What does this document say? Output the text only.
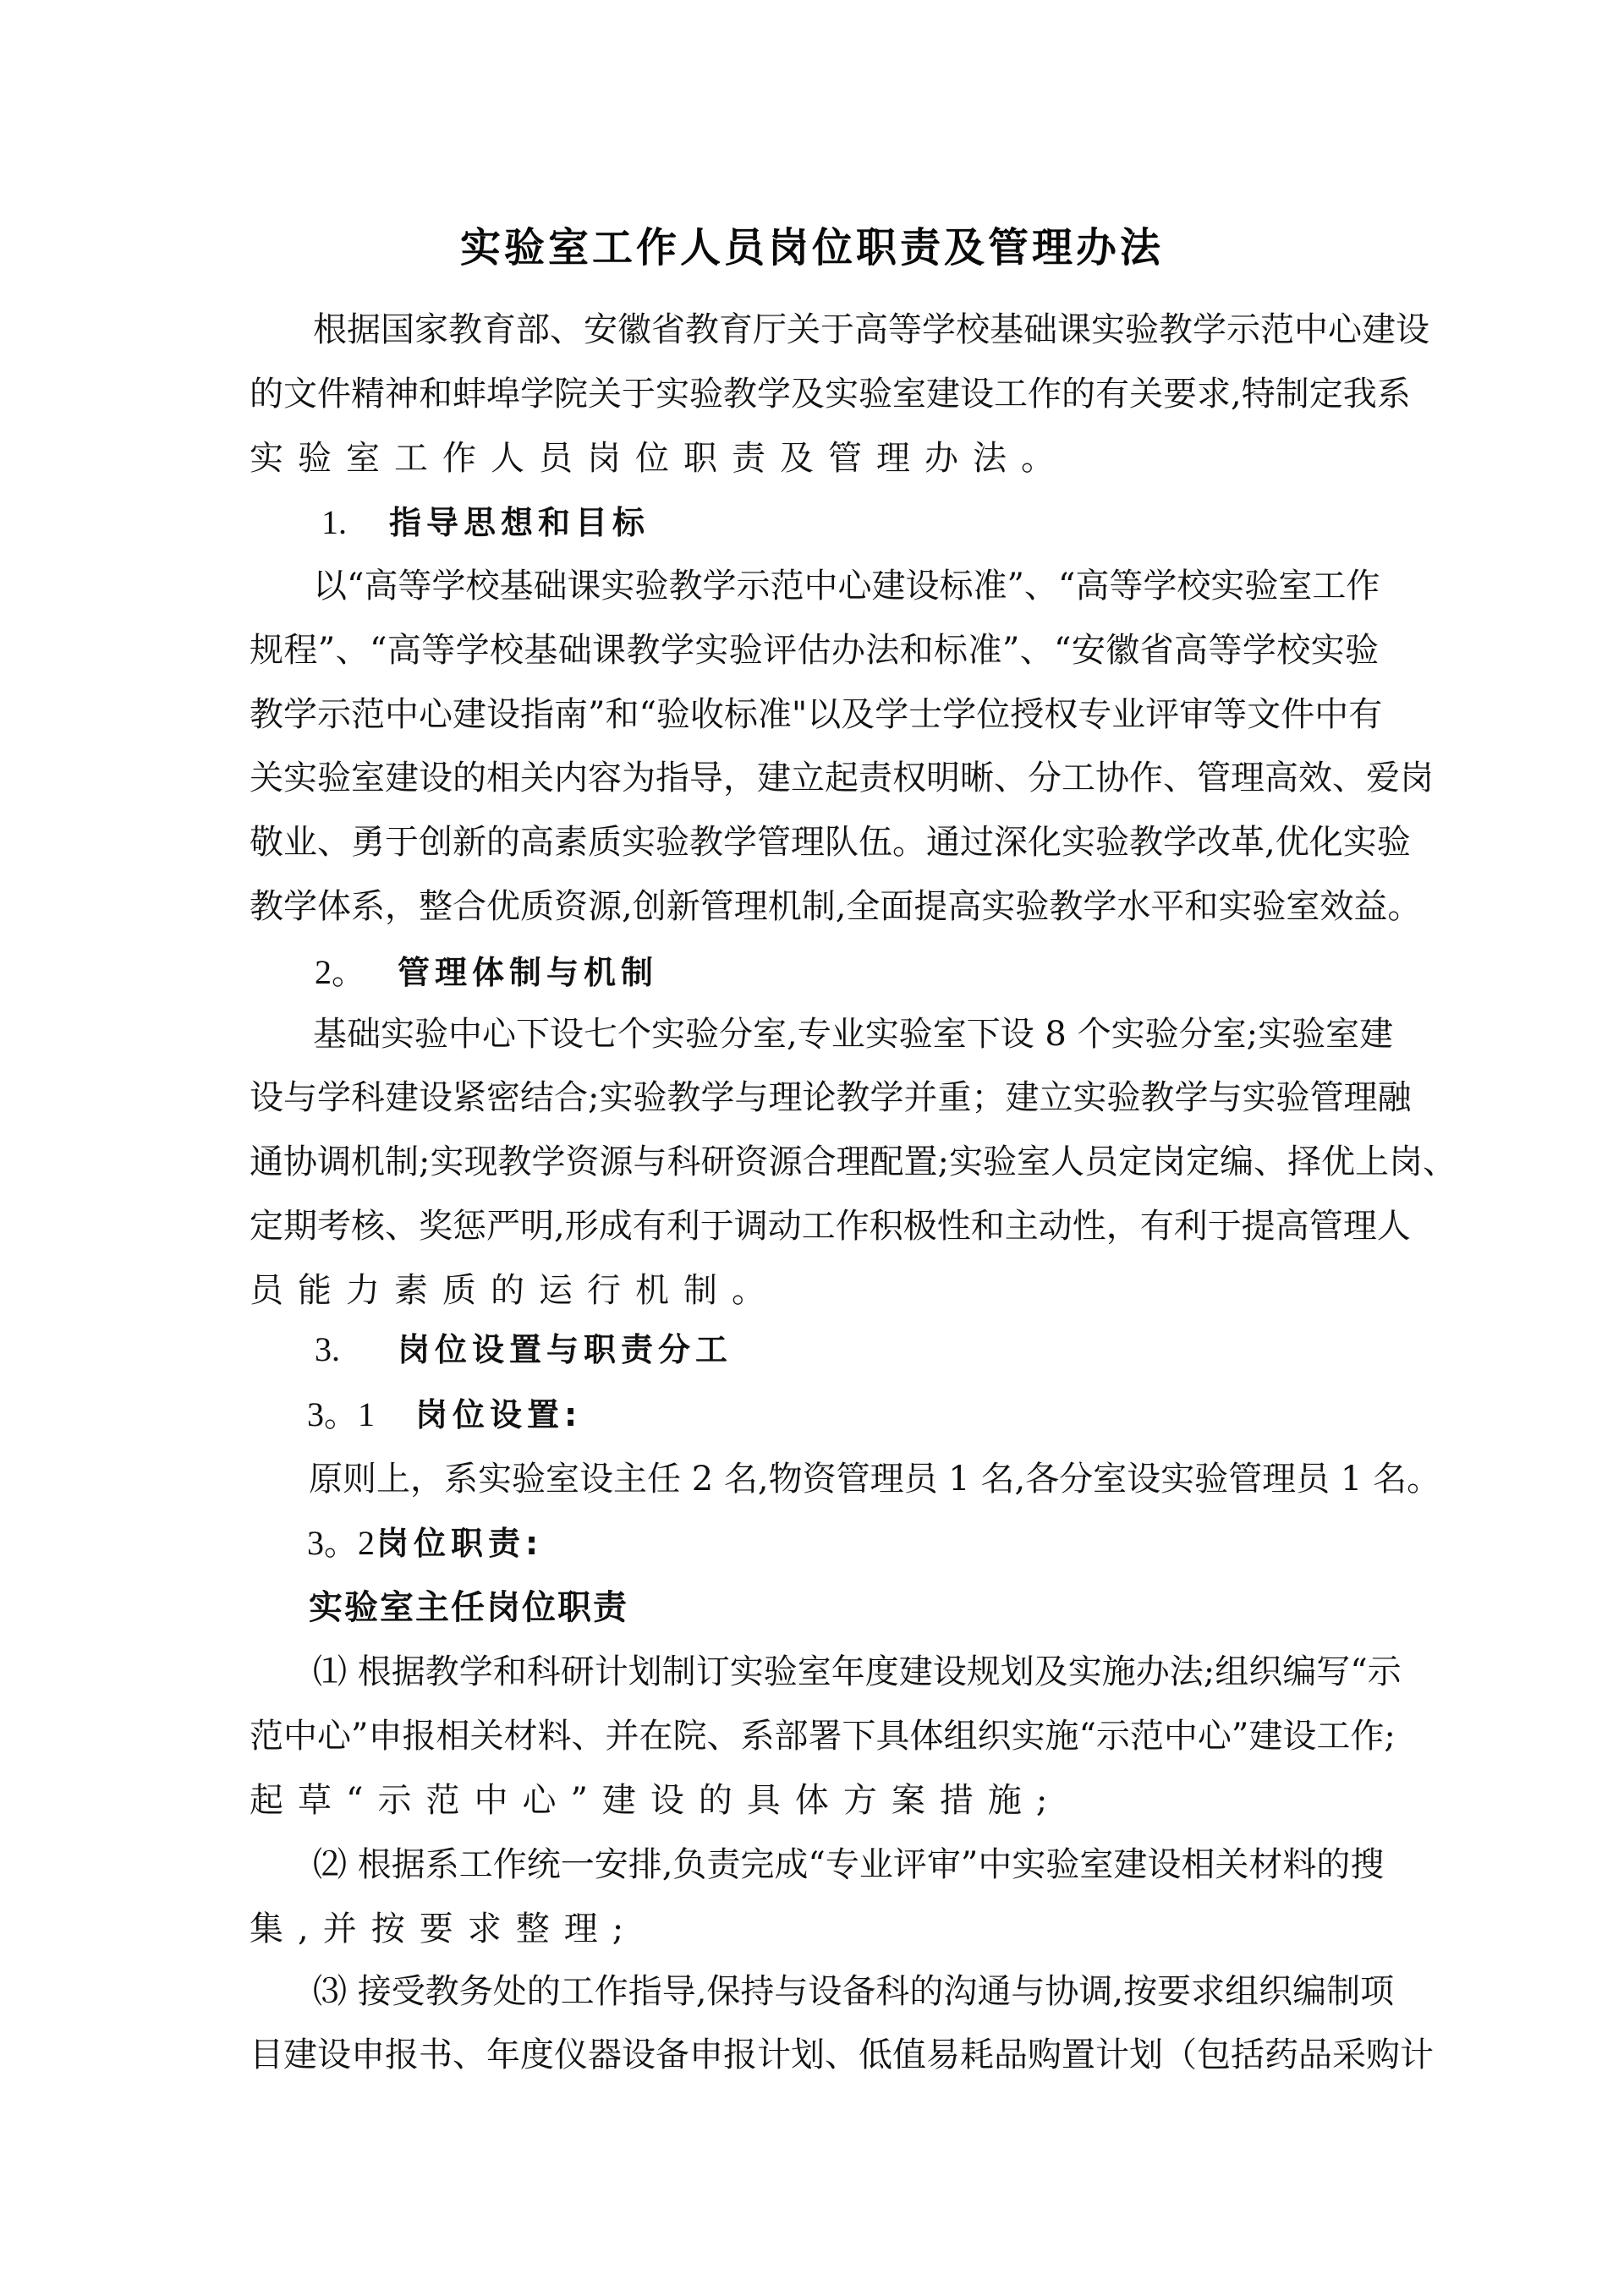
实验室工作人员岗位职责及管理办法
根据国家教育部、安徽省教育厅关于高等学校基础课实验教学示范中心建设
的文件精神和蚌埠学院关于实验教学及实验室建设工作的有关要求,特制定我系
实验室工作人员岗位职责及管理办法。
1. 指导思想和目标
以“高等学校基础课实验教学示范中心建设标准”、“高等学校实验室工作
规程”、“高等学校基础课教学实验评估办法和标准”、“安徽省高等学校实验
教学示范中心建设指南”和“验收标准"以及学士学位授权专业评审等文件中有
关实验室建设的相关内容为指导，建立起责权明晰、分工协作、管理高效、爱岗
敬业、勇于创新的高素质实验教学管理队伍。通过深化实验教学改革,优化实验
教学体系，整合优质资源,创新管理机制,全面提高实验教学水平和实验室效益。
2。 管理体制与机制
基础实验中心下设七个实验分室,专业实验室下设 8 个实验分室;实验室建
设与学科建设紧密结合;实验教学与理论教学并重；建立实验教学与实验管理融
通协调机制;实现教学资源与科研资源合理配置;实验室人员定岗定编、择优上岗、
定期考核、奖惩严明,形成有利于调动工作积极性和主动性，有利于提高管理人
员能力素质的运行机制。
3. 岗位设置与职责分工
3。1 岗位设置:
原则上，系实验室设主任 2 名,物资管理员 1 名,各分室设实验管理员 1 名。
3。2岗位职责:
实验室主任岗位职责
⑴ 根据教学和科研计划制订实验室年度建设规划及实施办法;组织编写“示
范中心”申报相关材料、并在院、系部署下具体组织实施“示范中心”建设工作;
起草“示范中心”建设的具体方案措施;
⑵ 根据系工作统一安排,负责完成“专业评审”中实验室建设相关材料的搜
集,并按要求整理;
⑶ 接受教务处的工作指导,保持与设备科的沟通与协调,按要求组织编制项
目建设申报书、年度仪器设备申报计划、低值易耗品购置计划（包括药品采购计
